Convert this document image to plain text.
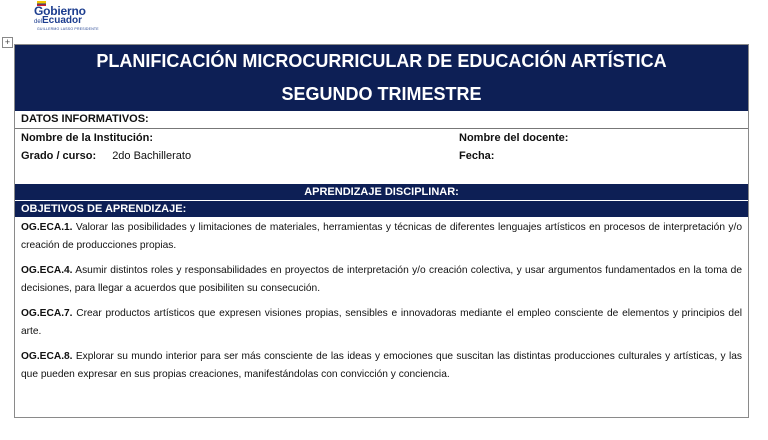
Gobierno
delEcuador
GUILLERMO LASSO PRESIDENTE
+
PLANIFICACIÓN MICROCURRICULAR DE EDUCACIÓN ARTÍSTICA
SEGUNDO TRIMESTRE
DATOS INFORMATIVOS:
Nombre de la Institución:	Nombre del docente:
Grado / curso: 2do Bachillerato	Fecha:
APRENDIZAJE DISCIPLINAR:
OBJETIVOS DE APRENDIZAJE:
OG.ECA.1. Valorar las posibilidades y limitaciones de materiales, herramientas y técnicas de diferentes lenguajes artísticos en procesos de interpretación y/o creación de producciones propias.
OG.ECA.4. Asumir distintos roles y responsabilidades en proyectos de interpretación y/o creación colectiva, y usar argumentos fundamentados en la toma de decisiones, para llegar a acuerdos que posibiliten su consecución.
OG.ECA.7. Crear productos artísticos que expresen visiones propias, sensibles e innovadoras mediante el empleo consciente de elementos y principios del arte.
OG.ECA.8. Explorar su mundo interior para ser más consciente de las ideas y emociones que suscitan las distintas producciones culturales y artísticas, y las que pueden expresar en sus propias creaciones, manifestándolas con convicción y conciencia.
